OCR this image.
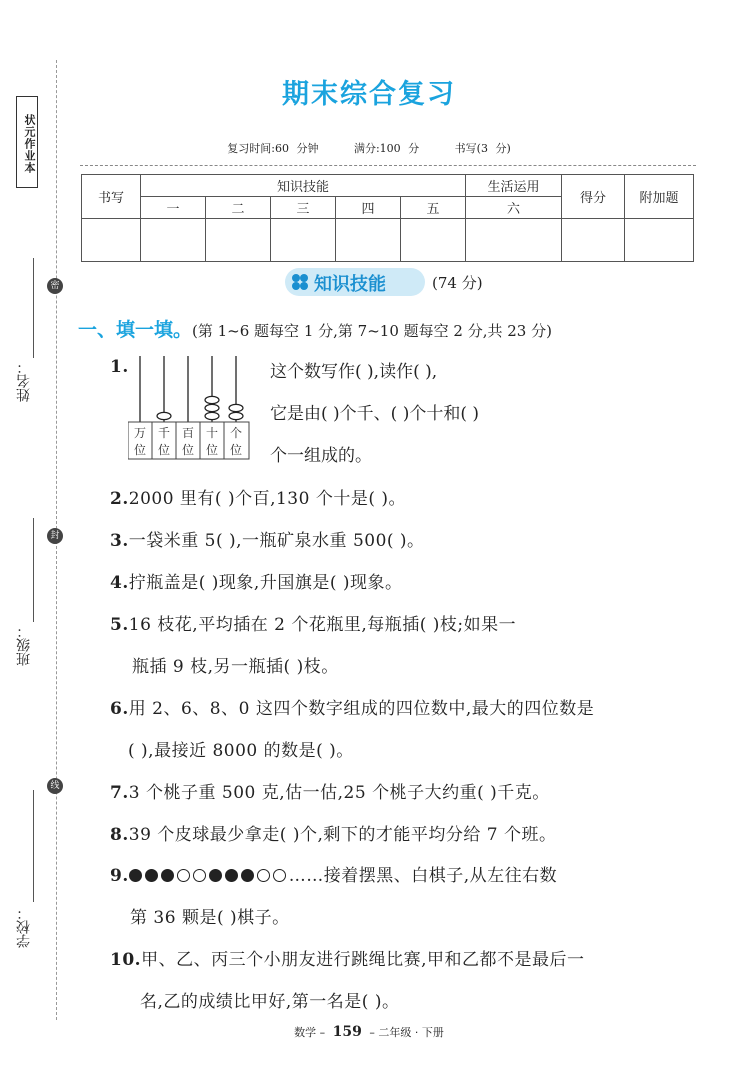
状元作业本
密
封
线
姓名：
班级：
学校：
期末综合复习
复习时间:60 分钟	满分:100 分	书写(3 分)
书写	知识技能					生活运用	得分	附加题
	一	二	三	四	五	六		

知识技能	(74 分)
一、填一填。(第 1~6 题每空 1 分,第 7~10 题每空 2 分,共 23 分)
1.
万
位
千
位
百
位
十
位
个
位
这个数写作( ),读作( ),
它是由( )个千、( )个十和( )
个一组成的。
2.2000 里有( )个百,130 个十是( )。
3.一袋米重 5( ),一瓶矿泉水重 500( )。
4.拧瓶盖是( )现象,升国旗是( )现象。
5.16 枝花,平均插在 2 个花瓶里,每瓶插( )枝;如果一
瓶插 9 枝,另一瓶插( )枝。
6.用 2、6、8、0 这四个数字组成的四位数中,最大的四位数是
( ),最接近 8000 的数是( )。
7.3 个桃子重 500 克,估一估,25 个桃子大约重( )千克。
8.39 个皮球最少拿走( )个,剩下的才能平均分给 7 个班。
9.	……接着摆黑、白棋子,从左往右数
第 36 颗是( )棋子。
10.甲、乙、丙三个小朋友进行跳绳比赛,甲和乙都不是最后一
名,乙的成绩比甲好,第一名是( )。
数学 – 159 – 二年级 · 下册
